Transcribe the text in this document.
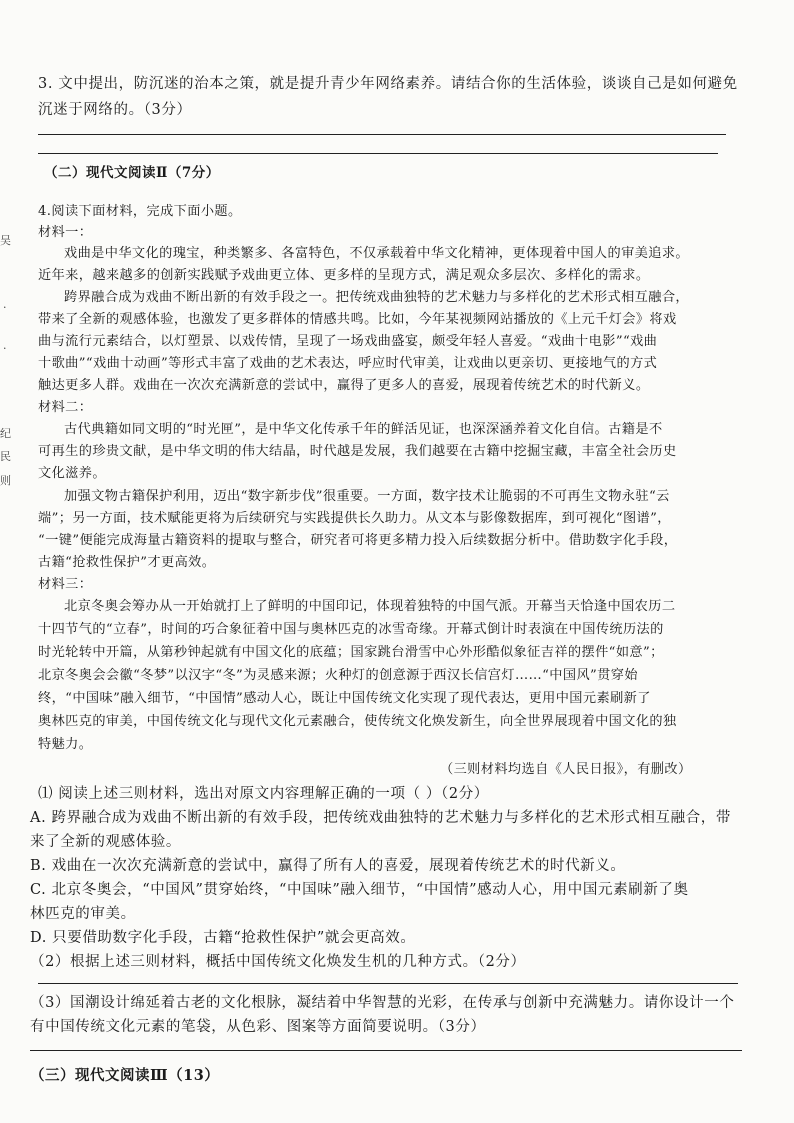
3. 文中提出，防沉迷的治本之策，就是提升青少年网络素养。请结合你的生活体验，谈谈自己是如何避免
沉迷于网络的。（3分）
（二）现代文阅读Ⅱ（7分）
吴
·
·
纪
民
则
4.阅读下面材料，完成下面小题。
材料一：
戏曲是中华文化的瑰宝，种类繁多、各富特色，不仅承载着中华文化精神，更体现着中国人的审美追求。
近年来，越来越多的创新实践赋予戏曲更立体、更多样的呈现方式，满足观众多层次、多样化的需求。
跨界融合成为戏曲不断出新的有效手段之一。把传统戏曲独特的艺术魅力与多样化的艺术形式相互融合，
带来了全新的观感体验，也激发了更多群体的情感共鸣。比如，今年某视频网站播放的《上元千灯会》将戏
曲与流行元素结合，以灯塑景、以戏传情，呈现了一场戏曲盛宴，颇受年轻人喜爱。“戏曲十电影”“戏曲
十歌曲”“戏曲十动画”等形式丰富了戏曲的艺术表达，呼应时代审美，让戏曲以更亲切、更接地气的方式
触达更多人群。戏曲在一次次充满新意的尝试中，赢得了更多人的喜爱，展现着传统艺术的时代新义。
材料二：
古代典籍如同文明的“时光匣”，是中华文化传承千年的鲜活见证，也深深涵养着文化自信。古籍是不
可再生的珍贵文献，是中华文明的伟大结晶，时代越是发展，我们越要在古籍中挖掘宝藏，丰富全社会历史
文化滋养。
加强文物古籍保护利用，迈出“数字新步伐”很重要。一方面，数字技术让脆弱的不可再生文物永驻“云
端”；另一方面，技术赋能更将为后续研究与实践提供长久助力。从文本与影像数据库，到可视化“图谱”，
“一键”便能完成海量古籍资料的提取与整合，研究者可将更多精力投入后续数据分析中。借助数字化手段，
古籍“抢救性保护”才更高效。
材料三：
北京冬奥会筹办从一开始就打上了鲜明的中国印记，体现着独特的中国气派。开幕当天恰逢中国农历二
十四节气的“立春”，时间的巧合象征着中国与奥林匹克的冰雪奇缘。开幕式倒计时表演在中国传统历法的
时光轮转中开篇，从第秒钟起就有中国文化的底蕴；国家跳台滑雪中心外形酷似象征吉祥的摆件“如意”；
北京冬奥会会徽“冬梦”以汉字“冬”为灵感来源；火种灯的创意源于西汉长信宫灯……“中国风”贯穿始
终，“中国味”融入细节，“中国情”感动人心，既让中国传统文化实现了现代表达，更用中国元素刷新了
奥林匹克的审美，中国传统文化与现代文化元素融合，使传统文化焕发新生，向全世界展现着中国文化的独
特魅力。
（三则材料均选自《人民日报》，有删改）
⑴ 阅读上述三则材料，选出对原文内容理解正确的一项（ ）（2分）
A. 跨界融合成为戏曲不断出新的有效手段，把传统戏曲独特的艺术魅力与多样化的艺术形式相互融合，带
来了全新的观感体验。
B. 戏曲在一次次充满新意的尝试中，赢得了所有人的喜爱，展现着传统艺术的时代新义。
C. 北京冬奥会，“中国风”贯穿始终，“中国味”融入细节，“中国情”感动人心，用中国元素刷新了奥
林匹克的审美。
D. 只要借助数字化手段，古籍“抢救性保护”就会更高效。
（2）根据上述三则材料，概括中国传统文化焕发生机的几种方式。（2分）
（3）国潮设计绵延着古老的文化根脉，凝结着中华智慧的光彩，在传承与创新中充满魅力。请你设计一个
有中国传统文化元素的笔袋，从色彩、图案等方面简要说明。（3分）
（三）现代文阅读Ⅲ（13）
